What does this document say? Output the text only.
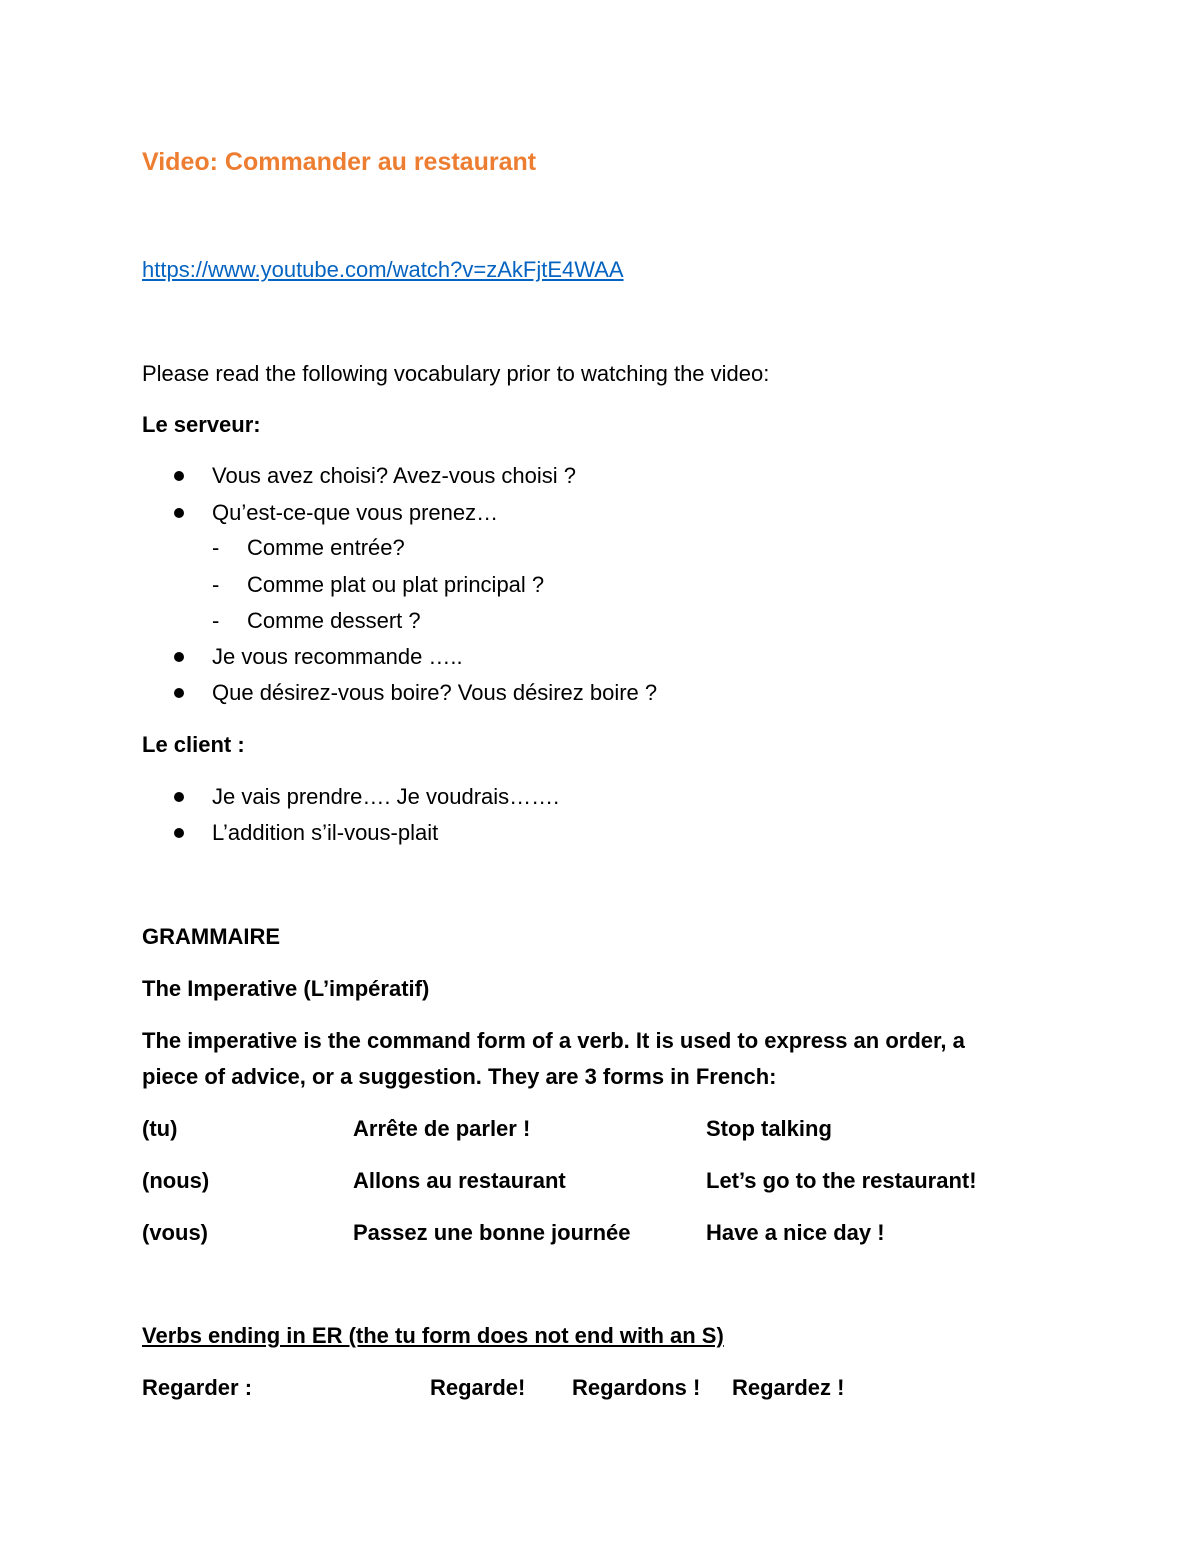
Video: Commander au restaurant
https://www.youtube.com/watch?v=zAkFjtE4WAA
Please read the following vocabulary prior to watching the video:
Le serveur:
Vous avez choisi? Avez-vous choisi ?
Qu’est-ce-que vous prenez…
- Comme entrée?
- Comme plat ou plat principal ?
- Comme dessert ?
Je vous recommande …..
Que désirez-vous boire? Vous désirez boire ?
Le client :
Je vais prendre…. Je voudrais…….
L’addition s’il-vous-plait
GRAMMAIRE
The Imperative (L’impératif)
The imperative is the command form of a verb. It is used to express an order, a
piece of advice, or a suggestion. They are 3 forms in French:
(tu)	Arrête de parler !	Stop talking
(nous)	Allons au restaurant	Let’s go to the restaurant!
(vous)	Passez une bonne journée	Have a nice day !
Verbs ending in ER (the tu form does not end with an S)
Regarder :	Regarde! Regardons ! Regardez !
